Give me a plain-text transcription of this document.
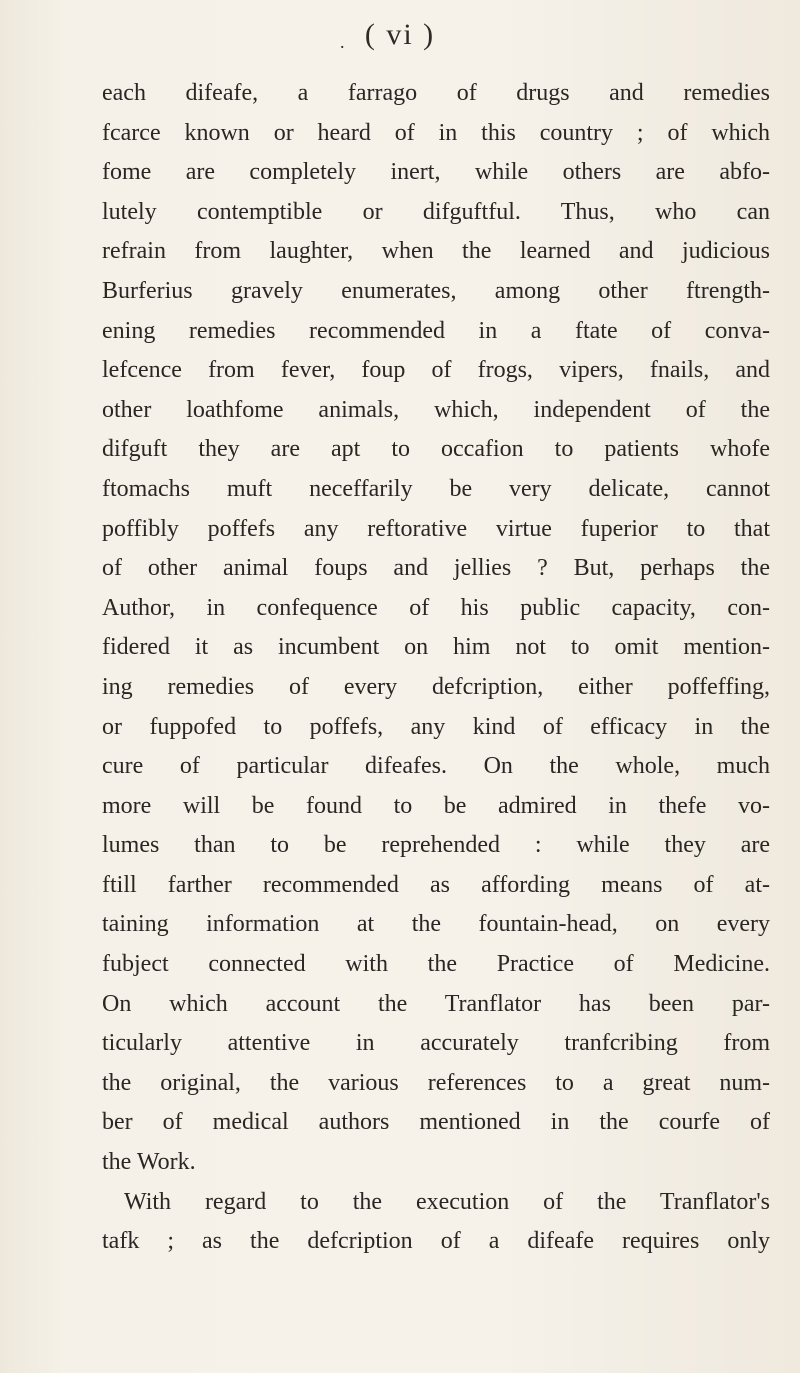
. ( vi )
each difeafe, a farrago of drugs and remedies
fcarce known or heard of in this country ; of which
fome are completely inert, while others are abfo-
lutely contemptible or difguftful. Thus, who can
refrain from laughter, when the learned and judicious
Burferius gravely enumerates, among other ftrength-
ening remedies recommended in a ftate of conva-
lefcence from fever, foup of frogs, vipers, fnails, and
other loathfome animals, which, independent of the
difguft they are apt to occafion to patients whofe
ftomachs muft neceffarily be very delicate, cannot
poffibly poffefs any reftorative virtue fuperior to that
of other animal foups and jellies ? But, perhaps the
Author, in confequence of his public capacity, con-
fidered it as incumbent on him not to omit mention-
ing remedies of every defcription, either poffeffing,
or fuppofed to poffefs, any kind of efficacy in the
cure of particular difeafes. On the whole, much
more will be found to be admired in thefe vo-
lumes than to be reprehended : while they are
ftill farther recommended as affording means of at-
taining information at the fountain-head, on every
fubject connected with the Practice of Medicine.
On which account the Tranflator has been par-
ticularly attentive in accurately tranfcribing from
the original, the various references to a great num-
ber of medical authors mentioned in the courfe of
the Work.
With regard to the execution of the Tranflator's
tafk ; as the defcription of a difeafe requires only
